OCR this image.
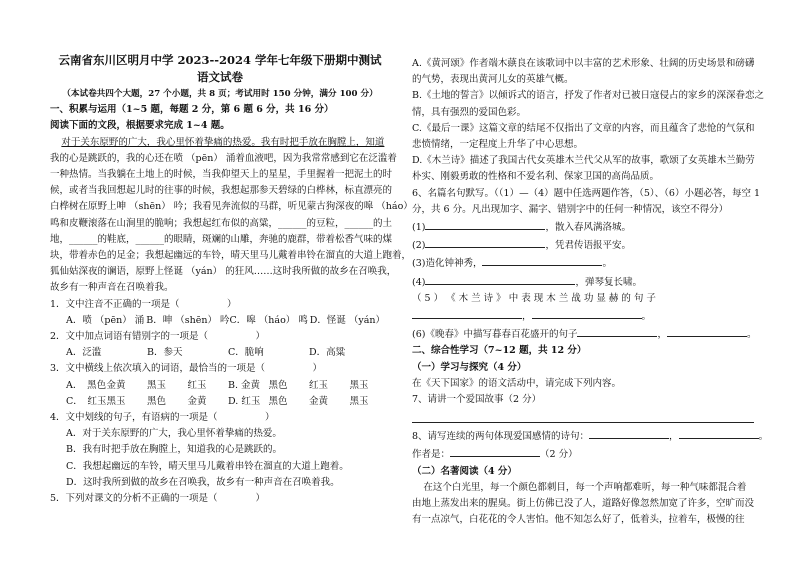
云南省东川区明月中学 2023--2024 学年七年级下册期中测试
语文试卷
（本试卷共四个大题，27 个小题，共 8 页；考试用时 150 分钟，满分 100 分）
一、积累与运用（1~5 题，每题 2 分，第 6 题 6 分，共 16 分）
阅读下面的文段，根据要求完成 1~4 题。
对于关东原野的广大，我心里怀着挚痛的热爱。我有时把手放在胸膛上，知道
我的心是跳跃的，我的心还在喷 （pēn） 涌着血液吧，因为我常常感到它在泛滥着
一种热情。当我躺在土地上的时候，当我仰望天上的星星，手里握着一把泥土的时
候，或者当我回想起儿时的往事的时候，我想起那参天碧绿的白桦林，标直漂亮的
白桦树在原野上呻 （shēn） 吟；我看见奔流似的马群，听见蒙古狗深夜的嗥 （háo）
鸣和皮鞭滚落在山涧里的脆响；我想起红布似的高粱，______的豆粒，______的土
地，______的鞋底，______的眼睛，斑斓的山雕，奔驰的鹿群，带着松香气味的煤
块，带着赤色的足金；我想起幽远的车铃，晴天里马儿戴着串铃在溜直的大道上跑着，
狐仙姑深夜的谰语，原野上怪诞 （yán） 的狂风……这时我所做的故乡在召唤我，
故乡有一种声音在召唤着我。
1．文中注音不正确的一项是（　　　　　）
A．喷 （pēn） 涌 B．呻 （shēn） 吟 C．嗥 （háo） 鸣 D．怪诞 （yán）
2．文中加点词语有错别字的一项是（　　　　　）
A．泛滥	B．参天	C．脆响	D．高粱
3．文中横线上依次填入的词语，最恰当的一项是（　　　　　）
A．　黑色 金黄	黑玉	红玉	B. 金黄 黑色	红玉	黑玉
C．　红玉 黑玉	黑色	金黄	D. 红玉 黑色	金黄	黑玉
4．文中划线的句子，有语病的一项是（　　　　　）
A．对于关东原野的广大，我心里怀着挚痛的热爱。
B．我有时把手放在胸膛上，知道我的心是跳跃的。
C．我想起幽远的车铃，晴天里马儿戴着串铃在溜直的大道上跑着。
D．这时我所到做的故乡在召唤我，故乡有一种声音在召唤着我。
5．下列对课文的分析不正确的一项是（　　　　）
A.《黄河颂》作者端木蕻良在该歌词中以丰富的艺术形象、壮阔的历史场景和磅礴
的气势，表现出黄河儿女的英雄气概。
B.《土地的誓言》以倾诉式的语言，抒发了作者对已被日寇侵占的家乡的深深眷恋之
情，具有强烈的爱国色彩。
C.《最后一课》这篇文章的结尾不仅指出了文章的内容，而且蕴含了悲怆的气氛和
悲愤情绪，一定程度上升华了中心思想。
D.《木兰诗》描述了我国古代女英雄木兰代父从军的故事，歌颂了女英雄木兰勤劳
朴实、刚毅勇敢的性格和不爱名利、保家卫国的高尚品质。
6、名篇名句默写。（（1）—（4）题中任选两题作答，（5）、（6）小题必答，每空 1
分，共 6 分。凡出现加字、漏字、错别字中的任何一种情况，该空不得分）
(1)	，散入春风满洛城。
(2)	，凭君传语报平安。
(3)造化钟神秀，	。
(4)	，弹琴复长啸。
（ 5 ） 《 木 兰 诗 》 中 表 现 木 兰 战 功 显 赫 的 句 子
，	。
(6)《晚春》中描写暮春百花盛开的句子	，	。
二、综合性学习（7~12 题，共 12 分）
（一）学习与探究（4 分）
在《天下国家》的语文活动中，请完成下列内容。
7、请讲一个爱国故事（2 分）
8、请写连续的两句体现爱国感情的诗句：	，	。
作者是：	（2 分）
（二）名著阅读（4 分）
在这个白光里，每一个颜色都刺目，每一个声响都难听，每一种气味都混合着
由地上蒸发出来的腥臭。街上仿佛已没了人，道路好像忽然加宽了许多，空旷而没
有一点凉气，白花花的令人害怕。他不知怎么好了，低着头，拉着车，极慢的往
